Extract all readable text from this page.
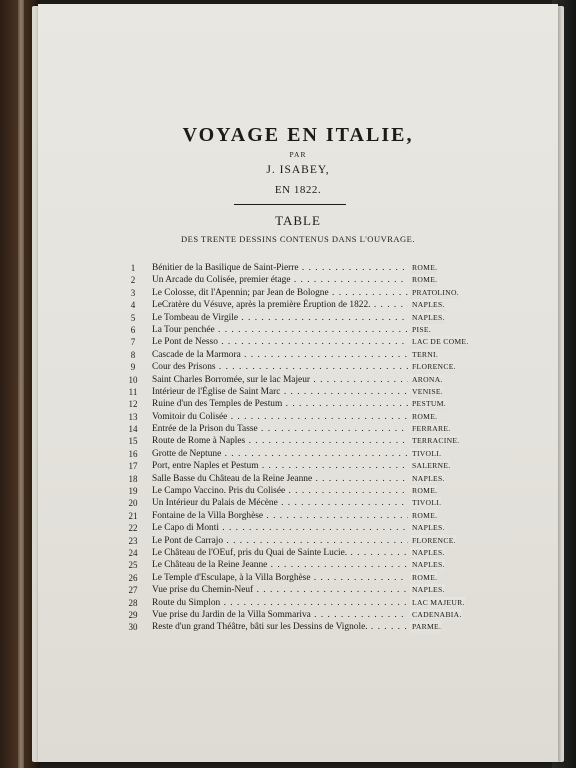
VOYAGE EN ITALIE,
PAR
J. ISABEY,
EN 1822.
TABLE
DES TRENTE DESSINS CONTENUS DANS L'OUVRAGE.
1	Bénitier de la Basilique de Saint-Pierre . . .	ROME.
2	Un Arcade du Colisée, premier étage . . .	ROME.
3	Le Colosse, dit l'Apennin; par Jean de Bologne . . .	PRATOLINO.
4	LeCratère du Vésuve, après la première Éruption de 1822. . . .	NAPLES.
5	Le Tombeau de Virgile . . .	NAPLES.
6	La Tour penchée . . .	PISE.
7	Le Pont de Nesso . . .	LAC DE COME.
8	Cascade de la Marmora . . .	TERNI.
9	Cour des Prisons . . .	FLORENCE.
10 Saint Charles Borromée, sur le lac Majeur . . .	ARONA.
11 Intérieur de l'Église de Saint Marc . . .	VENISE.
12 Ruine d'un des Temples de Pestum . . .	PESTUM.
13 Vomitoir du Colisée . . .	ROME.
14 Entrée de la Prison du Tasse . . .	FERRARE.
15 Route de Rome à Naples . . .	TERRACINE.
16 Grotte de Neptune . . .	TIVOLI.
17 Port, entre Naples et Pestum . . .	SALERNE.
18 Salle Basse du Château de la Reine Jeanne . . .	NAPLES.
19 Le Campo Vaccino. Pris du Colisée . . .	ROME.
20 Un Intérieur du Palais de Mécène . . .	TIVOLI.
21 Fontaine de la Villa Borghèse . . .	ROME.
22 Le Capo di Monti . . .	NAPLES.
23 Le Pont de Carrajo . . .	FLORENCE.
24 Le Château de l'OEuf, pris du Quai de Sainte Lucie. . . .	NAPLES.
25 Le Château de la Reine Jeanne . . .	NAPLES.
26 Le Temple d'Esculape, à la Villa Borghèse . . .	ROME.
27 Vue prise du Chemin-Neuf . . .	NAPLES.
28 Route du Simplon . . .	LAC MAJEUR.
29 Vue prise du Jardin de la Villa Sommariva . . .	CADENABIA.
30 Reste d'un grand Théâtre, bâti sur les Dessins de Vignole. . . .	PARME.
